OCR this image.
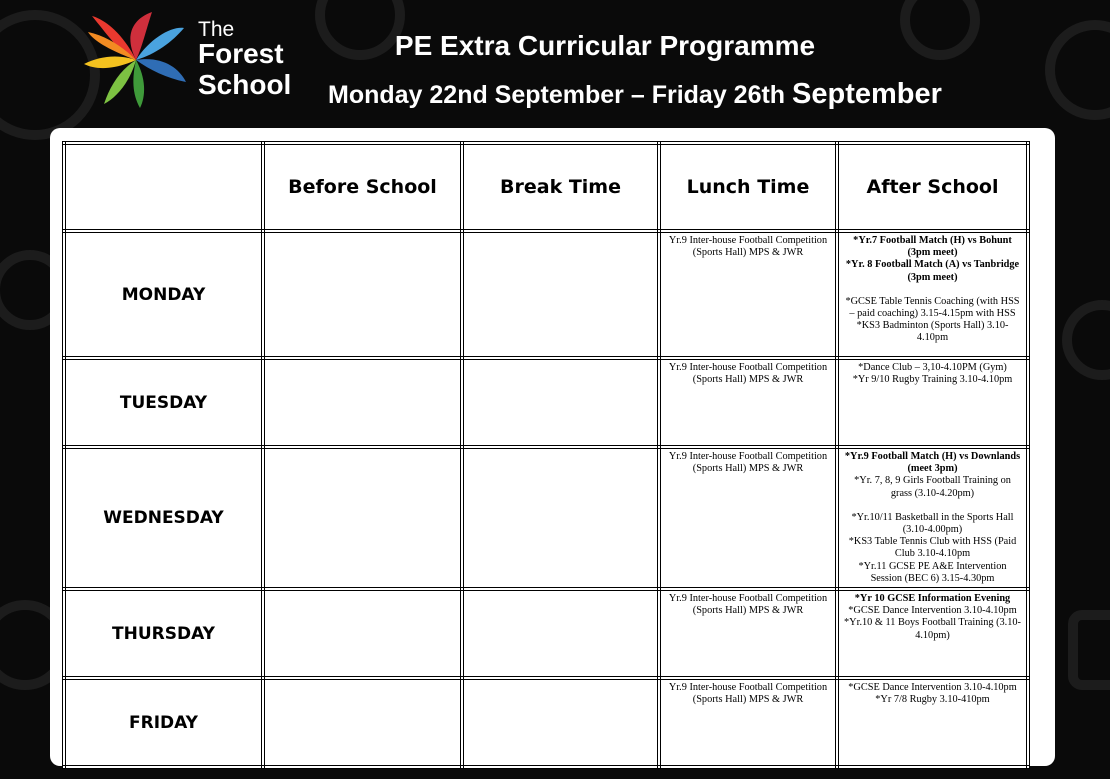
The
Forest
School
PE Extra Curricular Programme
Monday 22nd September – Friday 26th September
	Before School	Break Time	Lunch Time	After School
MONDAY			Yr.9 Inter-house Football Competition (Sports Hall) MPS & JWR	*Yr.7 Football Match (H) vs Bohunt (3pm meet)
*Yr. 8 Football Match (A) vs Tanbridge (3pm meet)
*GCSE Table Tennis Coaching (with HSS – paid coaching) 3.15-4.15pm with HSS
*KS3 Badminton (Sports Hall) 3.10-4.10pm

TUESDAY			Yr.9 Inter-house Football Competition (Sports Hall) MPS & JWR	*Dance Club – 3,10-4.10PM (Gym)
*Yr 9/10 Rugby Training 3.10-4.10pm

WEDNESDAY			Yr.9 Inter-house Football Competition (Sports Hall) MPS & JWR	*Yr.9 Football Match (H) vs Downlands (meet 3pm)
*Yr. 7, 8, 9 Girls Football Training on grass (3.10-4.20pm)
*Yr.10/11 Basketball in the Sports Hall (3.10-4.00pm)
*KS3 Table Tennis Club with HSS (Paid Club 3.10-4.10pm
*Yr.11 GCSE PE A&E Intervention Session (BEC 6) 3.15-4.30pm

THURSDAY			Yr.9 Inter-house Football Competition (Sports Hall) MPS & JWR	*Yr 10 GCSE Information Evening
*GCSE Dance Intervention 3.10-4.10pm
*Yr.10 & 11 Boys Football Training (3.10-4.10pm)

FRIDAY			Yr.9 Inter-house Football Competition (Sports Hall) MPS & JWR	*GCSE Dance Intervention 3.10-4.10pm
*Yr 7/8 Rugby 3.10-410pm
